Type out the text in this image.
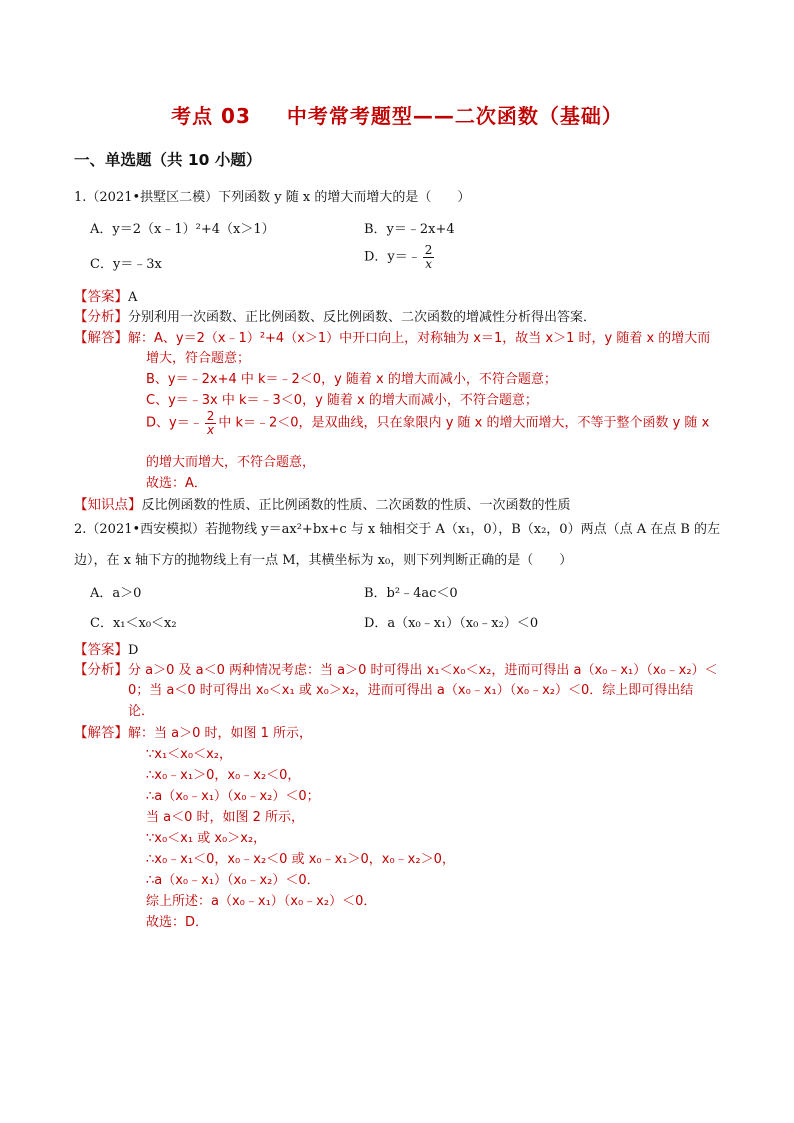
考点 03 中考常考题型——二次函数（基础）
一、单选题（共 10 小题）
1.（2021•拱墅区二模）下列函数 y 随 x 的增大而增大的是（　　）
A．y＝2（x﹣1）²+4（x＞1）	B．y＝﹣2x+4
C．y＝﹣3x	D．y＝﹣ $\frac{2}{x}$
【答案】A
【分析】分别利用一次函数、正比例函数、反比例函数、二次函数的增减性分析得出答案．
【解答】解：A、y＝2（x﹣1）²+4（x＞1）中开口向上，对称轴为 x＝1，故当 x＞1 时，y 随着 x 的增大而
增大，符合题意；
B、y＝﹣2x+4 中 k＝﹣2＜0，y 随着 x 的增大而减小，不符合题意；
C、y＝﹣3x 中 k＝﹣3＜0，y 随着 x 的增大而减小，不符合题意；
D、y＝﹣ $\frac{2}{x}$ 中 k＝﹣2＜0，是双曲线，只在象限内 y 随 x 的增大而增大，不等于整个函数 y 随 x
的增大而增大，不符合题意，
故选：A．
【知识点】反比例函数的性质、正比例函数的性质、二次函数的性质、一次函数的性质
2.（2021•西安模拟）若抛物线 y＝ax²+bx+c 与 x 轴相交于 A（x₁，0），B（x₂，0）两点（点 A 在点 B 的左
边），在 x 轴下方的抛物线上有一点 M，其横坐标为 x₀，则下列判断正确的是（　　）
A．a＞0	B．b²﹣4ac＜0
C．x₁＜x₀＜x₂	D．a（x₀﹣x₁）（x₀﹣x₂）＜0
【答案】D
【分析】分 a＞0 及 a＜0 两种情况考虑：当 a＞0 时可得出 x₁＜x₀＜x₂，进而可得出 a（x₀﹣x₁）（x₀﹣x₂）＜
0；当 a＜0 时可得出 x₀＜x₁ 或 x₀＞x₂，进而可得出 a（x₀﹣x₁）（x₀﹣x₂）＜0．综上即可得出结
论．
【解答】解：当 a＞0 时，如图 1 所示，
∵x₁＜x₀＜x₂，
∴x₀﹣x₁＞0，x₀﹣x₂＜0，
∴a（x₀﹣x₁）（x₀﹣x₂）＜0；
当 a＜0 时，如图 2 所示，
∵x₀＜x₁ 或 x₀＞x₂，
∴x₀﹣x₁＜0，x₀﹣x₂＜0 或 x₀﹣x₁＞0，x₀﹣x₂＞0，
∴a（x₀﹣x₁）（x₀﹣x₂）＜0．
综上所述：a（x₀﹣x₁）（x₀﹣x₂）＜0．
故选：D．
